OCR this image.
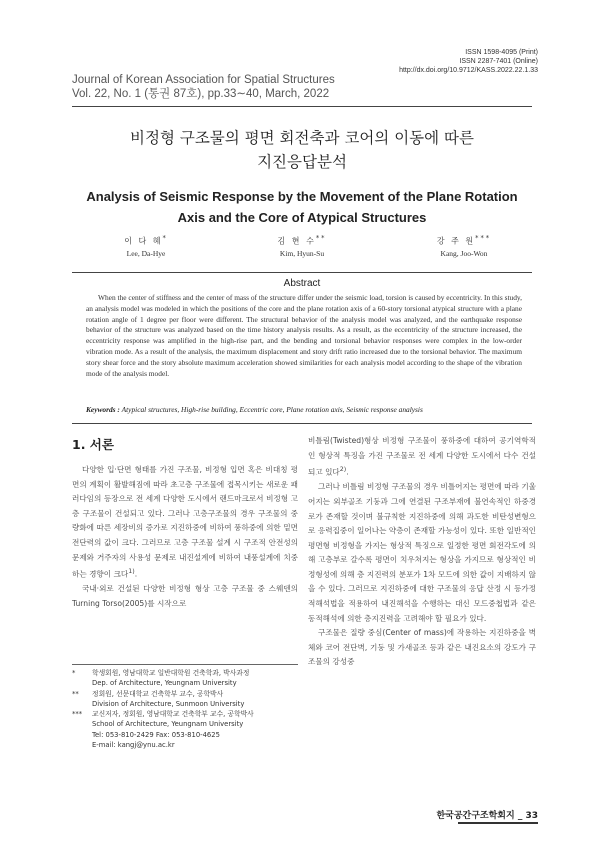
ISSN 1598-4095 (Print)
ISSN 2287-7401 (Online)
http://dx.doi.org/10.9712/KASS.2022.22.1.33
Journal of Korean Association for Spatial Structures
Vol. 22, No. 1 (통권 87호), pp.33∼40, March, 2022
비정형 구조물의 평면 회전축과 코어의 이동에 따른
지진응답분석
Analysis of Seismic Response by the Movement of the Plane Rotation
Axis and the Core of Atypical Structures
이 다 혜*
Lee, Da-Hye
김 현 수**
Kim, Hyun-Su
강 주 원***
Kang, Joo-Won
Abstract

When the center of stiffness and the center of mass of the structure differ under the seismic load, torsion is caused by eccentricity. In this study, an analysis model was modeled in which the positions of the core and the plane rotation axis of a 60-story torsional atypical structure with a plane rotation angle of 1 degree per floor were different. The structural behavior of the analysis model was analyzed, and the earthquake response behavior of the structure was analyzed based on the time history analysis results. As a result, as the eccentricity of the structure increased, the eccentricity response was amplified in the high-rise part, and the bending and torsional behavior responses were complex in the low-order vibration mode. As a result of the analysis, the maximum displacement and story drift ratio increased due to the torsional behavior. The maximum story shear force and the story absolute maximum acceleration showed similarities for each analysis model according to the shape of the vibration mode of the analysis model.

Keywords : Atypical structures, High-rise building, Eccentric core, Plane rotation axis, Seismic response analysis
1. 서론

다양한 입·단면 형태를 가진 구조물, 비정형 입면 혹은 비대칭 평면의 계획이 활발해짐에 따라 초고층 구조물에 접목시키는 새로운 패러다임의 등장으로 전 세계 다양한 도시에서 랜드마크로서 비정형 고층 구조물이 건설되고 있다. 그러나 고층구조물의 경우 구조물의 중량화에 따른 세장비의 증가로 지진하중에 비하여 풍하중에 의한 밑면전단력의 값이 크다. 그러므로 고층 구조물 설계 시 구조적 안전성의 문제와 거주자의 사용성 문제로 내진설계에 비하여 내풍설계에 치중하는 경향이 크다$^{1)}$.

국내·외로 건설된 다양한 비정형 형상 고층 구조물 중 스웨덴의 Turning Torso(2005)를 시작으로

비틀림(Twisted)형상 비정형 구조물이 풍하중에 대하여 공기역학적인 형상적 특징을 가진 구조물로 전 세계 다양한 도시에서 다수 건설되고 있다$^{2)}$.

그러나 비틀림 비정형 구조물의 경우 비틀어지는 평면에 따라 기울어지는 외부골조 기둥과 그에 연결된 구조부재에 불연속적인 하중경로가 존재할 것이며 불규칙한 지진하중에 의해 과도한 비탄성변형으로 응력집중이 일어나는 약층이 존재할 가능성이 있다. 또한 일반적인 평면형 비정형을 가지는 형상적 특징으로 일정한 평면 회전각도에 의해 고층부로 갈수록 평면이 치우쳐지는 형상을 가지므로 형상적인 비정형성에 의해 층 지진력의 분포가 1차 모드에 의한 값이 지배하지 않을 수 있다. 그러므로 지진하중에 대한 구조물의 응답 산정 시 등가정적해석법을 적용하여 내진해석을 수행하는 대신 모드중첩법과 같은 동적해석에 의한 층지진력을 고려해야 할 필요가 있다.

구조물은 질량 중심(Center of mass)에 작용하는 지진하중을 벽체와 코어 전단벽, 기둥 및 가새골조 등과 같은 내진요소의 강도가 구조물의 강성중

*	학생회원, 영남대학교 일반대학원 건축학과, 박사과정
Dep. of Architecture, Yeungnam University
**	정회원, 선문대학교 건축학부 교수, 공학박사
Division of Architecture, Sunmoon University
***	교신저자, 정회원, 영남대학교 건축학부 교수, 공학박사
School of Architecture, Yeungnam University
Tel: 053-810-2429 Fax: 053-810-4625
E-mail: kangj@ynu.ac.kr
한국공간구조학회지 _ 33
